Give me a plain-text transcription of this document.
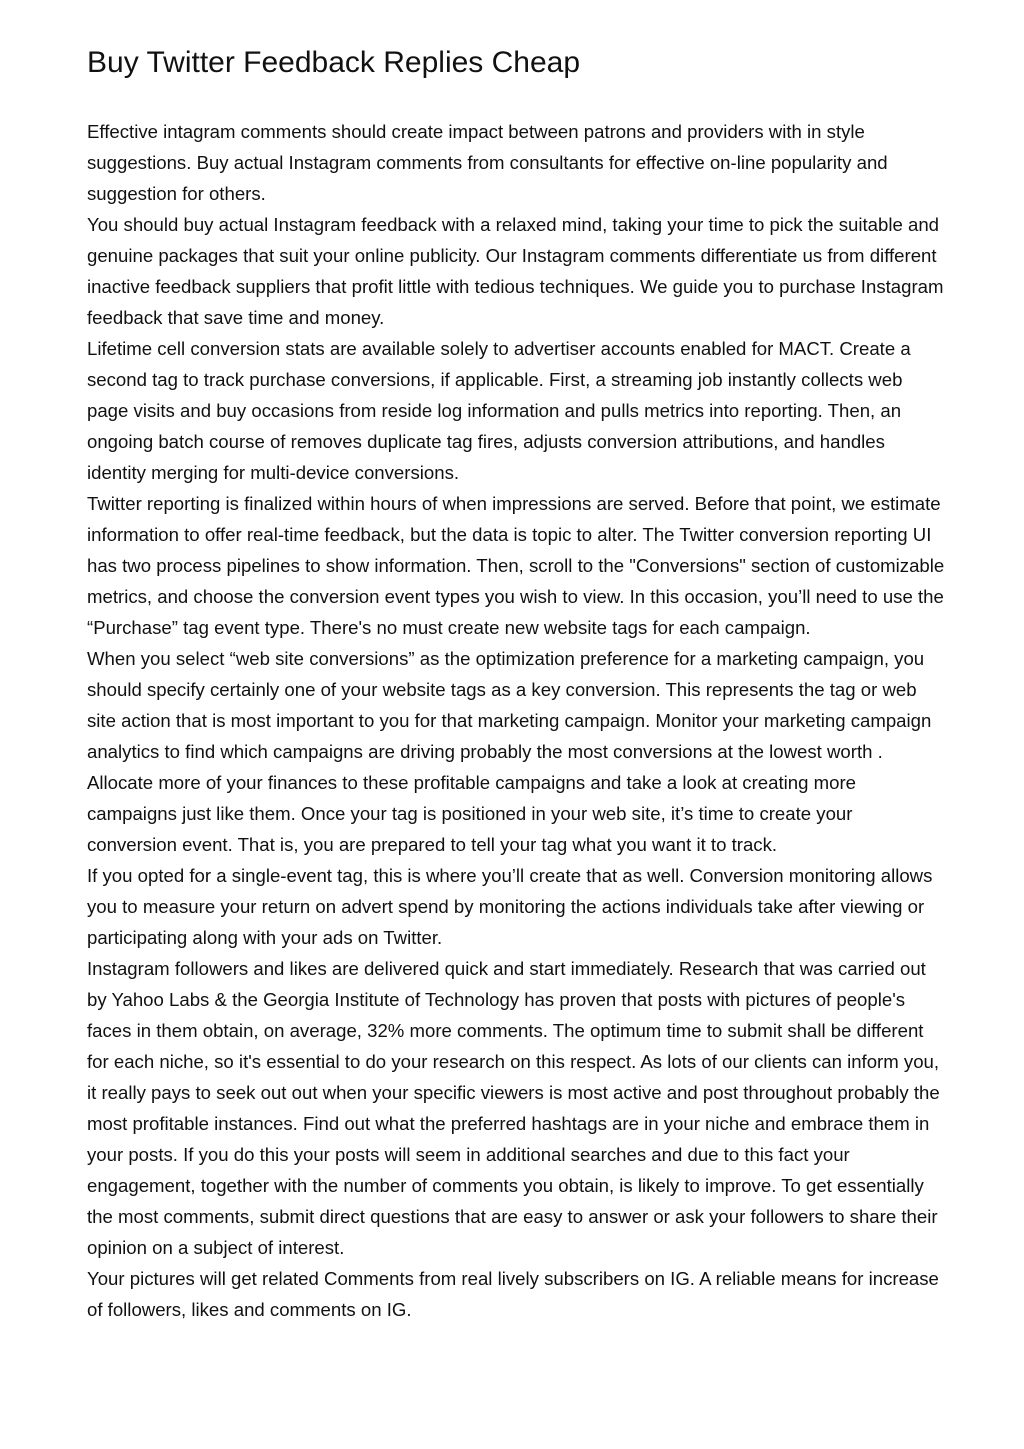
Buy Twitter Feedback Replies Cheap

Effective intagram comments should create impact between patrons and providers with in style suggestions. Buy actual Instagram comments from consultants for effective on-line popularity and suggestion for others.

You should buy actual Instagram feedback with a relaxed mind, taking your time to pick the suitable and genuine packages that suit your online publicity. Our Instagram comments differentiate us from different inactive feedback suppliers that profit little with tedious techniques. We guide you to purchase Instagram feedback that save time and money.

Lifetime cell conversion stats are available solely to advertiser accounts enabled for MACT. Create a second tag to track purchase conversions, if applicable. First, a streaming job instantly collects web page visits and buy occasions from reside log information and pulls metrics into reporting. Then, an ongoing batch course of removes duplicate tag fires, adjusts conversion attributions, and handles identity merging for multi-device conversions.

Twitter reporting is finalized within hours of when impressions are served. Before that point, we estimate information to offer real-time feedback, but the data is topic to alter. The Twitter conversion reporting UI has two process pipelines to show information. Then, scroll to the "Conversions" section of customizable metrics, and choose the conversion event types you wish to view. In this occasion, you’ll need to use the “Purchase” tag event type. There's no must create new website tags for each campaign.

When you select “web site conversions” as the optimization preference for a marketing campaign, you should specify certainly one of your website tags as a key conversion. This represents the tag or web site action that is most important to you for that marketing campaign. Monitor your marketing campaign analytics to find which campaigns are driving probably the most conversions at the lowest worth . Allocate more of your finances to these profitable campaigns and take a look at creating more campaigns just like them. Once your tag is positioned in your web site, it’s time to create your conversion event. That is, you are prepared to tell your tag what you want it to track.

If you opted for a single-event tag, this is where you’ll create that as well. Conversion monitoring allows you to measure your return on advert spend by monitoring the actions individuals take after viewing or participating along with your ads on Twitter.

Instagram followers and likes are delivered quick and start immediately. Research that was carried out by Yahoo Labs & the Georgia Institute of Technology has proven that posts with pictures of people's faces in them obtain, on average, 32% more comments. The optimum time to submit shall be different for each niche, so it's essential to do your research on this respect. As lots of our clients can inform you, it really pays to seek out out when your specific viewers is most active and post throughout probably the most profitable instances. Find out what the preferred hashtags are in your niche and embrace them in your posts. If you do this your posts will seem in additional searches and due to this fact your engagement, together with the number of comments you obtain, is likely to improve. To get essentially the most comments, submit direct questions that are easy to answer or ask your followers to share their opinion on a subject of interest.

Your pictures will get related Comments from real lively subscribers on IG. A reliable means for increase of followers, likes and comments on IG.
